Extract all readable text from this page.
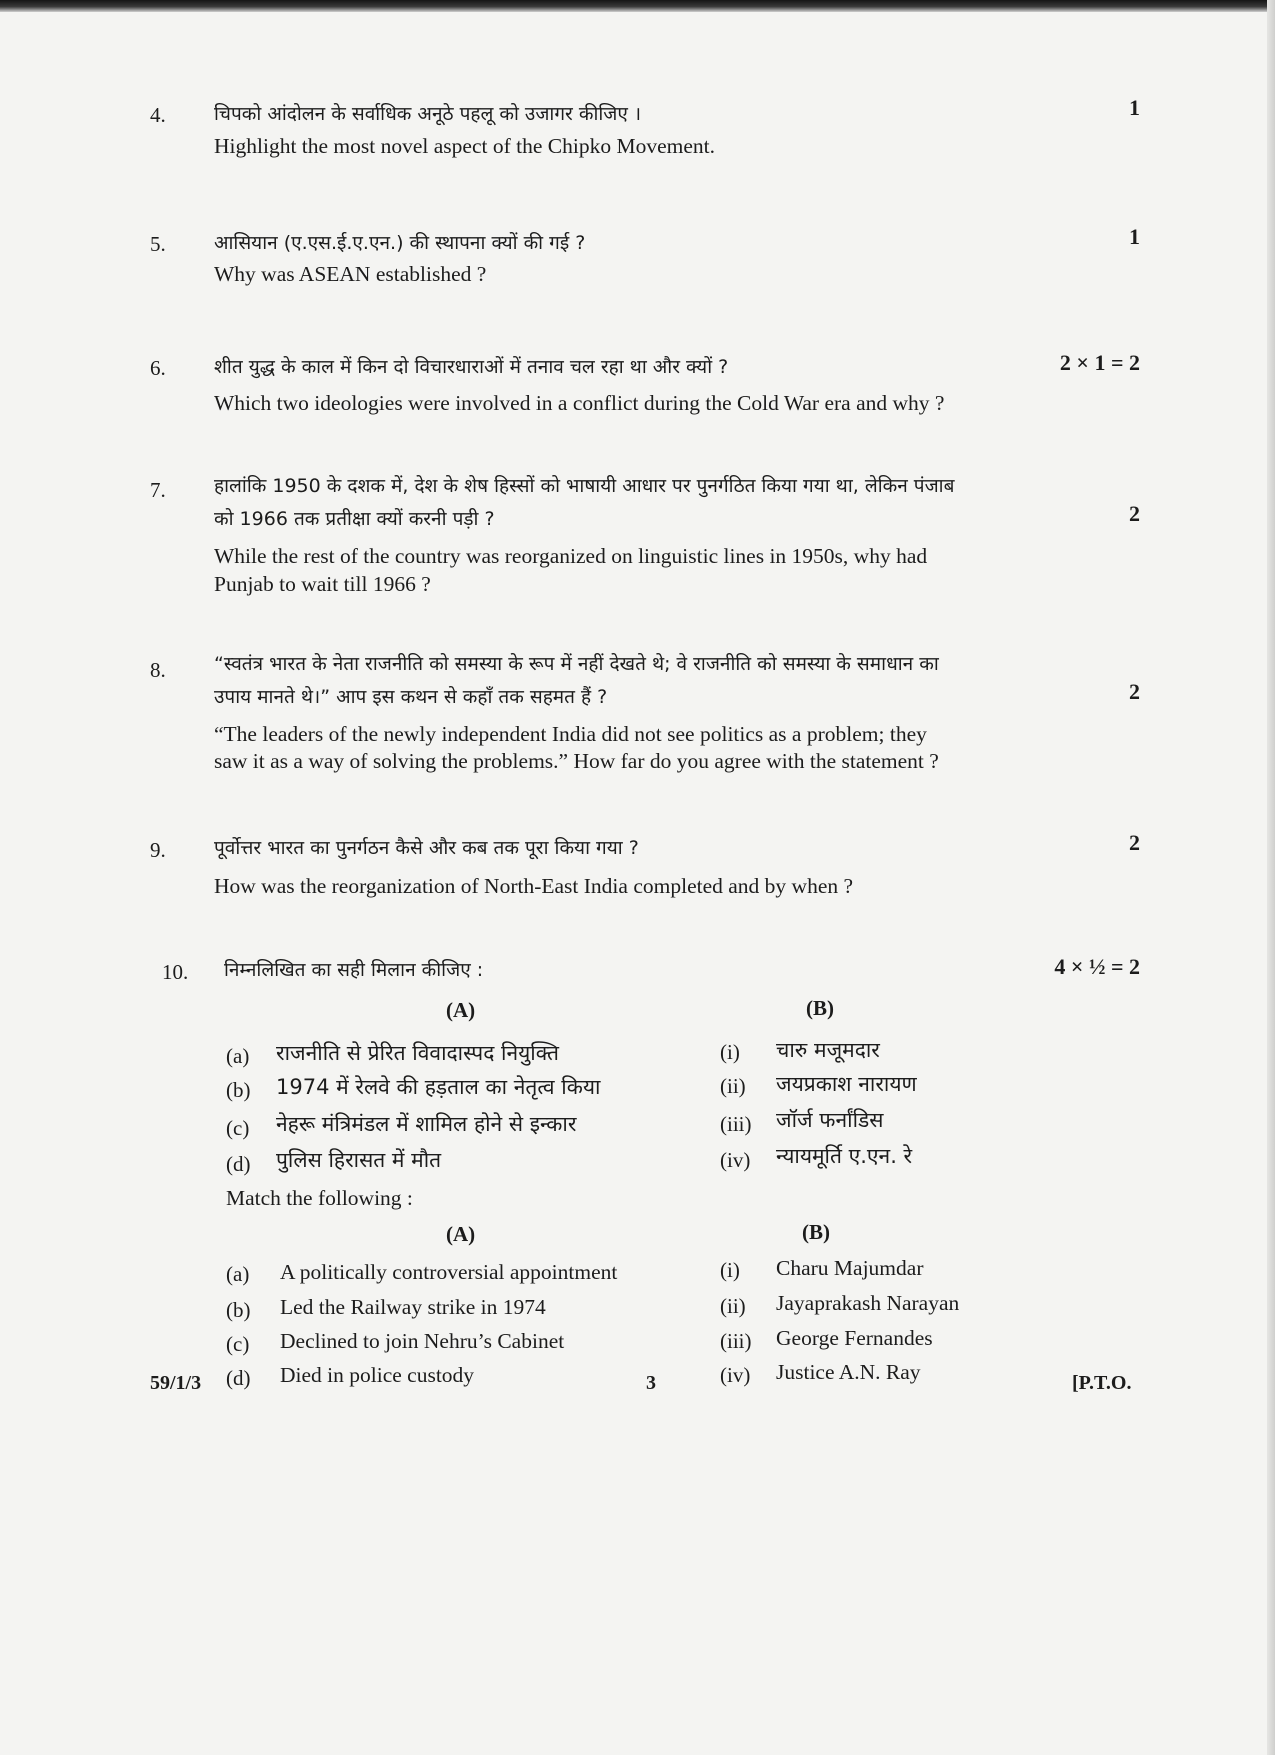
4.	चिपको आंदोलन के सर्वाधिक अनूठे पहलू को उजागर कीजिए ।
Highlight the most novel aspect of the Chipko Movement.
1
5.	आसियान (ए.एस.ई.ए.एन.) की स्थापना क्यों की गई ?
Why was ASEAN established ?
1
6.	शीत युद्ध के काल में किन दो विचारधाराओं में तनाव चल रहा था और क्यों ?
Which two ideologies were involved in a conflict during the Cold War era and why ?
2 × 1 = 2
7.	हालांकि 1950 के दशक में, देश के शेष हिस्सों को भाषायी आधार पर पुनर्गठित किया गया था, लेकिन पंजाब
को 1966 तक प्रतीक्षा क्यों करनी पड़ी ?
While the rest of the country was reorganized on linguistic lines in 1950s, why had
Punjab to wait till 1966 ?
2
8.	“स्वतंत्र भारत के नेता राजनीति को समस्या के रूप में नहीं देखते थे; वे राजनीति को समस्या के समाधान का
उपाय मानते थे।” आप इस कथन से कहाँ तक सहमत हैं ?
“The leaders of the newly independent India did not see politics as a problem; they
saw it as a way of solving the problems.” How far do you agree with the statement ?
2
9.	पूर्वोत्तर भारत का पुनर्गठन कैसे और कब तक पूरा किया गया ?
How was the reorganization of North-East India completed and by when ?
2
10. निम्नलिखित का सही मिलान कीजिए :	4 × ½ = 2
(A)	(B)
(a) राजनीति से प्रेरित विवादास्पद नियुक्ति	(i) चारु मजूमदार
(b) 1974 में रेलवे की हड़ताल का नेतृत्व किया	(ii) जयप्रकाश नारायण
(c) नेहरू मंत्रिमंडल में शामिल होने से इन्कार	(iii) जॉर्ज फर्नांडिस
(d) पुलिस हिरासत में मौत	(iv) न्यायमूर्ति ए.एन. रे
Match the following :
(A)	(B)
(a) A politically controversial appointment	(i) Charu Majumdar
(b) Led the Railway strike in 1974	(ii) Jayaprakash Narayan
(c) Declined to join Nehru’s Cabinet	(iii) George Fernandes
(d) Died in police custody	(iv) Justice A.N. Ray
59/1/3	3	[P.T.O.
